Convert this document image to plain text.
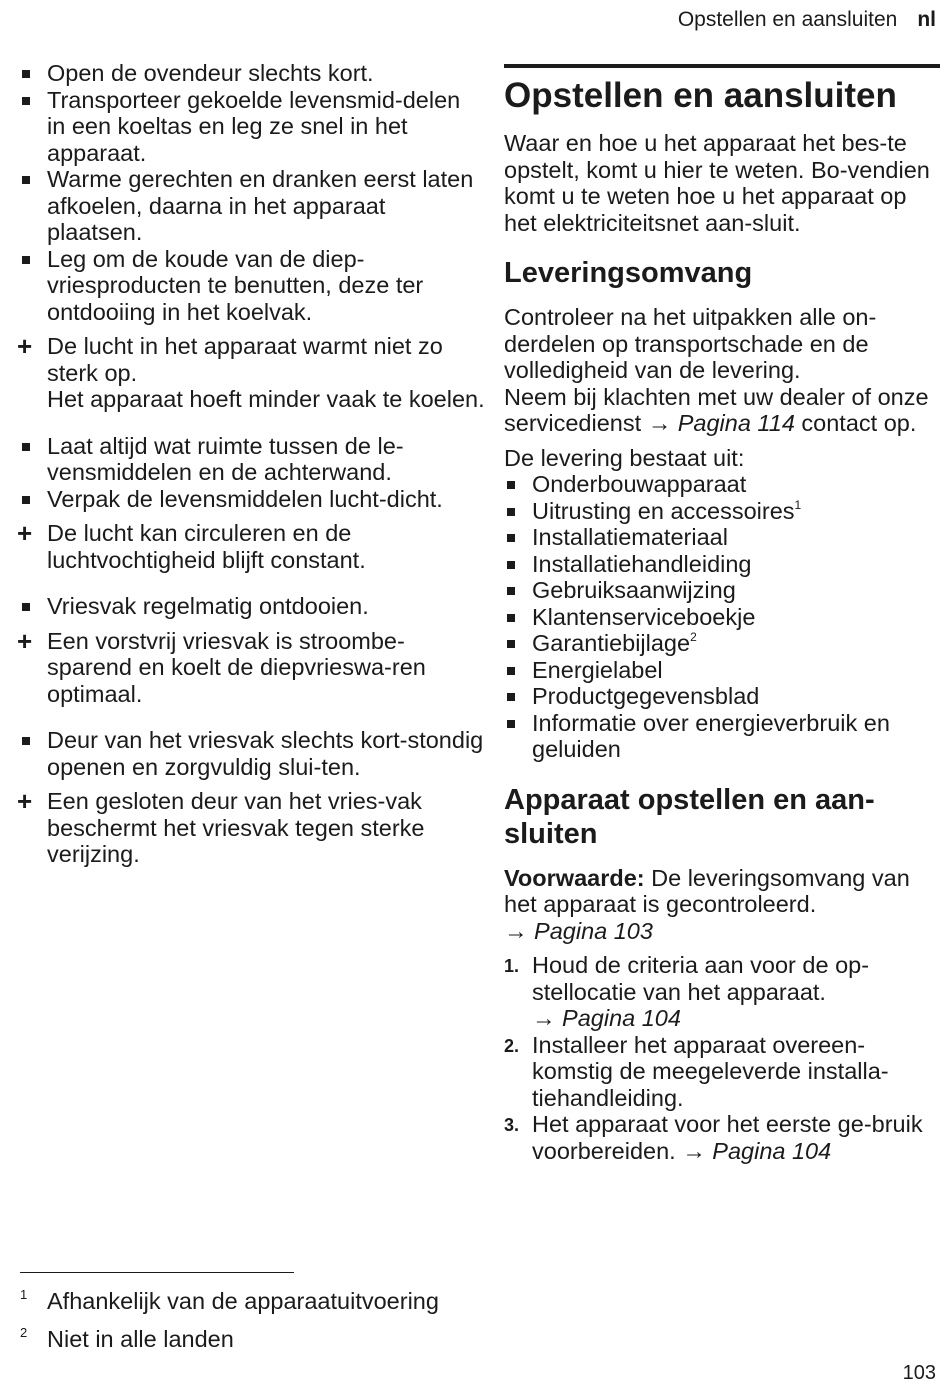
Opstellen en aansluiten nl
Open de ovendeur slechts kort.
Transporteer gekoelde levensmid-delen in een koeltas en leg ze snel in het apparaat.
Warme gerechten en dranken eerst laten afkoelen, daarna in het apparaat plaatsen.
Leg om de koude van de diep-vriesproducten te benutten, deze ter ontdooiing in het koelvak.
+ De lucht in het apparaat warmt niet zo sterk op.

Het apparaat hoeft minder vaak te koelen.

Laat altijd wat ruimte tussen de le-vensmiddelen en de achterwand.
Verpak de levensmiddelen lucht-dicht.
+ De lucht kan circuleren en de luchtvochtigheid blijft constant.
Vriesvak regelmatig ontdooien.
+ Een vorstvrij vriesvak is stroombe-sparend en koelt de diepvrieswa-ren optimaal.
Deur van het vriesvak slechts kort-stondig openen en zorgvuldig slui-ten.
+ Een gesloten deur van het vries-vak beschermt het vriesvak tegen sterke verijzing.
Opstellen en aansluiten

Waar en hoe u het apparaat het bes-te opstelt, komt u hier te weten. Bo-vendien komt u te weten hoe u het apparaat op het elektriciteitsnet aan-sluit.

Leveringsomvang

Controleer na het uitpakken alle on-derdelen op transportschade en de volledigheid van de levering.

Neem bij klachten met uw dealer of onze servicedienst → Pagina 114 contact op.

De levering bestaat uit:

Onderbouwapparaat
Uitrusting en accessoires$^1$
Installatiemateriaal
Installatiehandleiding
Gebruiksaanwijzing
Klantenserviceboekje
Garantiebijlage$^2$
Energielabel
Productgegevensblad
Informatie over energieverbruik en geluiden
Apparaat opstellen en aan-sluiten

Voorwaarde: De leveringsomvang van het apparaat is gecontroleerd.
→ Pagina 103

1. Houd de criteria aan voor de op-stellocatie van het apparaat.
→ Pagina 104
2. Installeer het apparaat overeen-komstig de meegeleverde installa-tiehandleiding.
3. Het apparaat voor het eerste ge-bruik voorbereiden. → Pagina 104
1 Afhankelijk van de apparaatuitvoering
2 Niet in alle landen
103
